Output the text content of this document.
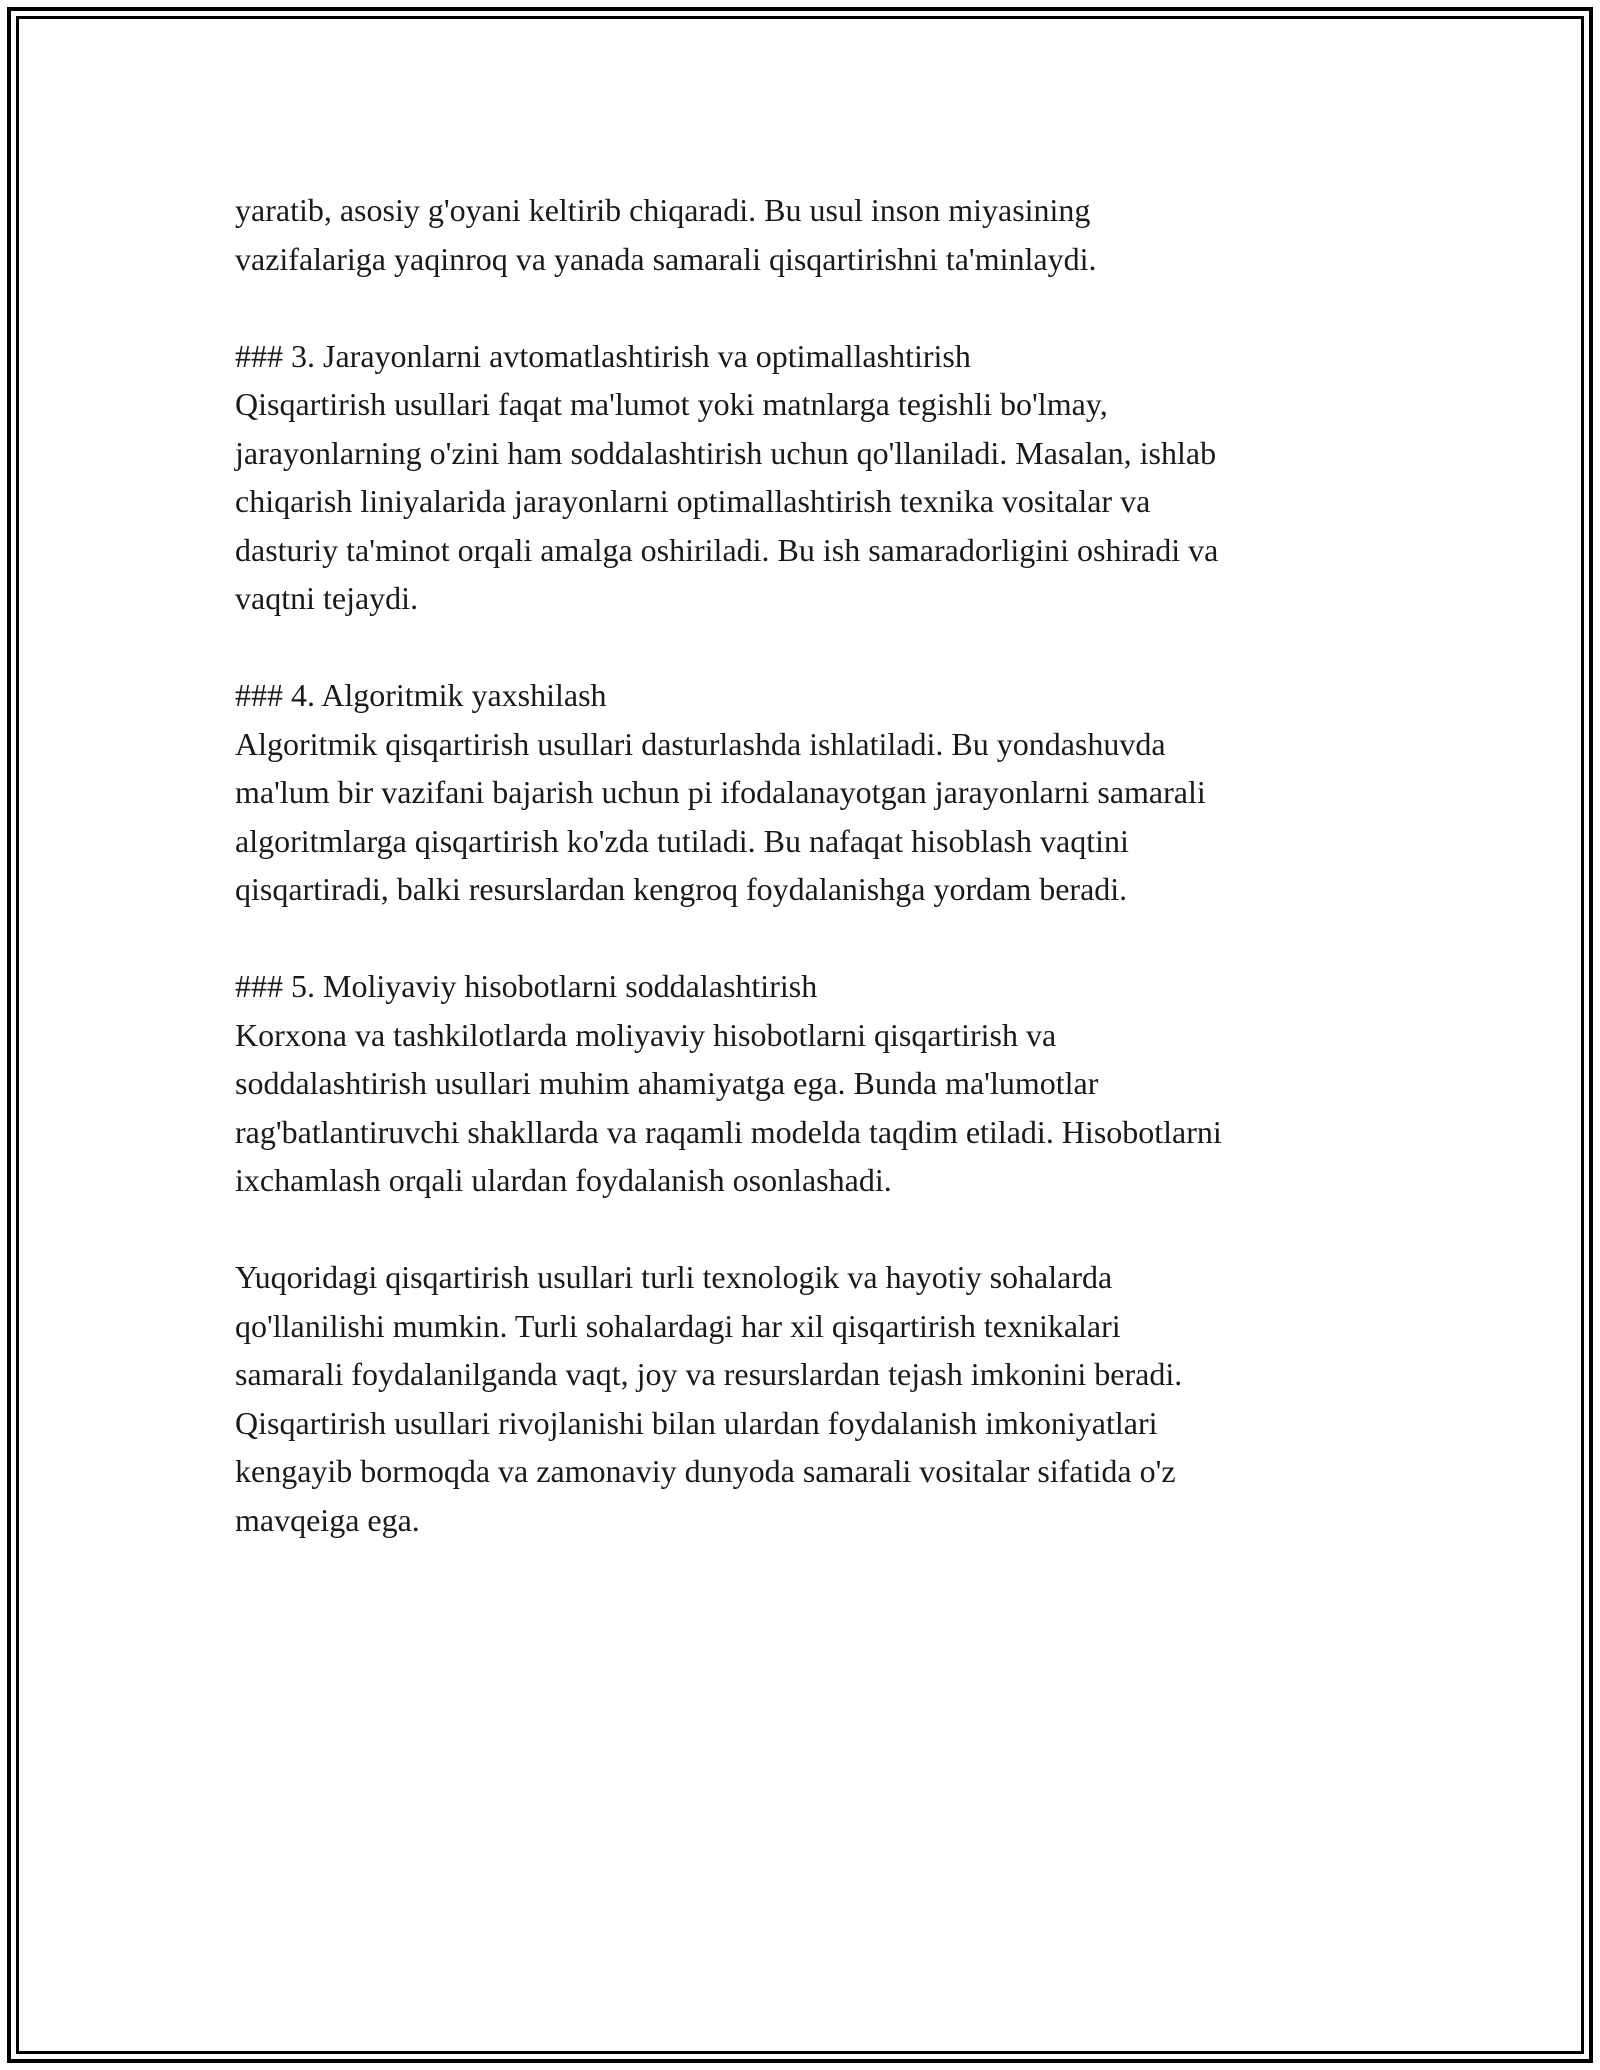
yaratib, asosiy g'oyani keltirib chiqaradi. Bu usul inson miyasining
vazifalariga yaqinroq va yanada samarali qisqartirishni ta'minlaydi.

### 3. Jarayonlarni avtomatlashtirish va optimallashtirish

Qisqartirish usullari faqat ma'lumot yoki matnlarga tegishli bo'lmay,
jarayonlarning o'zini ham soddalashtirish uchun qo'llaniladi. Masalan, ishlab
chiqarish liniyalarida jarayonlarni optimallashtirish texnika vositalar va
dasturiy ta'minot orqali amalga oshiriladi. Bu ish samaradorligini oshiradi va
vaqtni tejaydi.

### 4. Algoritmik yaxshilash

Algoritmik qisqartirish usullari dasturlashda ishlatiladi. Bu yondashuvda
ma'lum bir vazifani bajarish uchun pi ifodalanayotgan jarayonlarni samarali
algoritmlarga qisqartirish ko'zda tutiladi. Bu nafaqat hisoblash vaqtini
qisqartiradi, balki resurslardan kengroq foydalanishga yordam beradi.

### 5. Moliyaviy hisobotlarni soddalashtirish

Korxona va tashkilotlarda moliyaviy hisobotlarni qisqartirish va
soddalashtirish usullari muhim ahamiyatga ega. Bunda ma'lumotlar
rag'batlantiruvchi shakllarda va raqamli modelda taqdim etiladi. Hisobotlarni
ixchamlash orqali ulardan foydalanish osonlashadi.

Yuqoridagi qisqartirish usullari turli texnologik va hayotiy sohalarda
qo'llanilishi mumkin. Turli sohalardagi har xil qisqartirish texnikalari
samarali foydalanilganda vaqt, joy va resurslardan tejash imkonini beradi.
Qisqartirish usullari rivojlanishi bilan ulardan foydalanish imkoniyatlari
kengayib bormoqda va zamonaviy dunyoda samarali vositalar sifatida o'z
mavqeiga ega.
